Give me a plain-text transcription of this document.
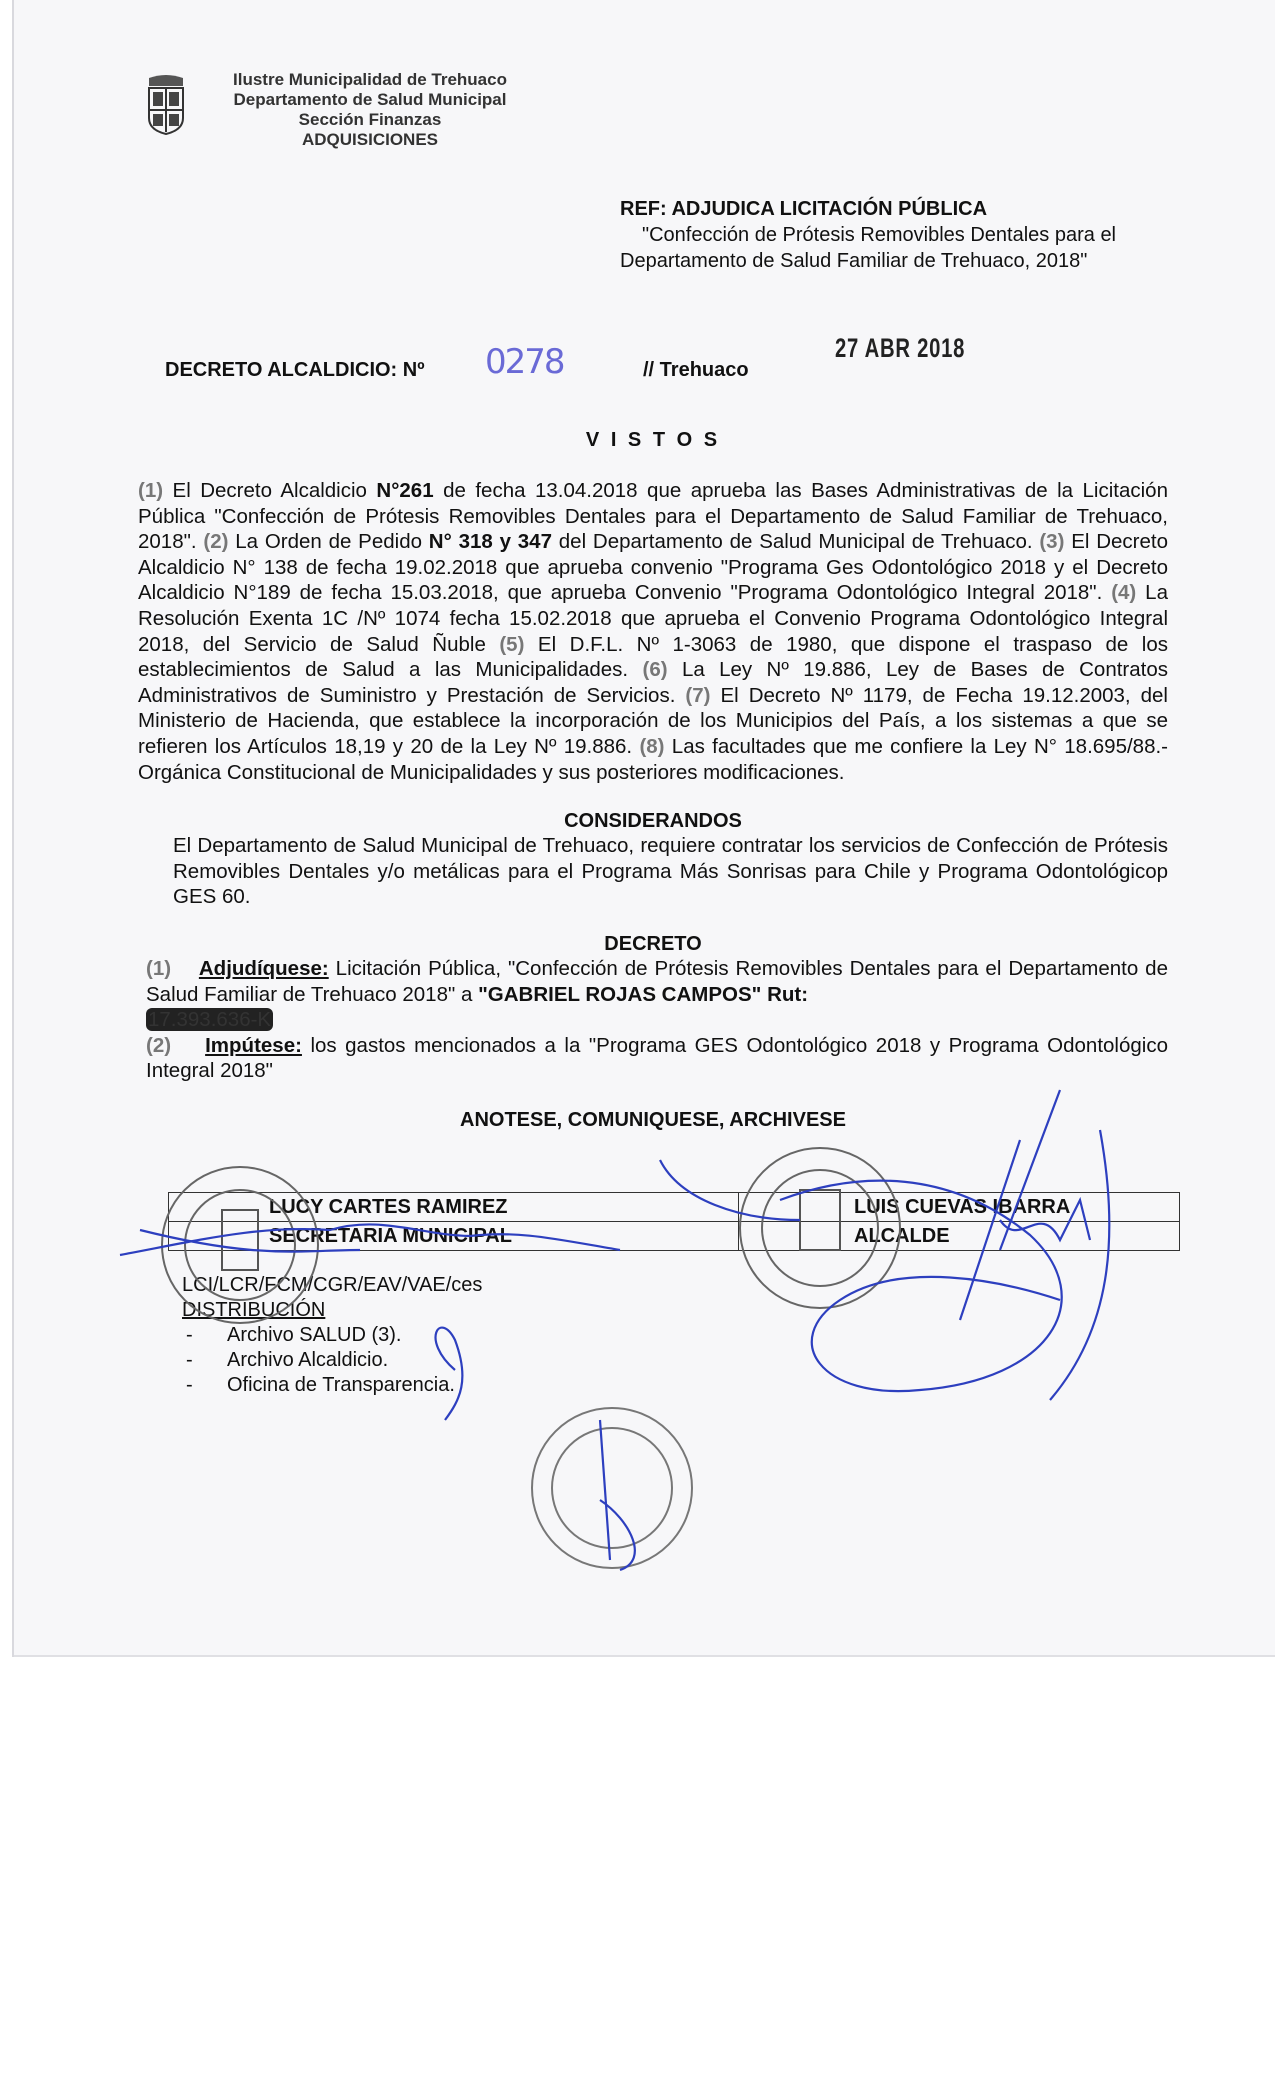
Ilustre Municipalidad de Trehuaco
Departamento de Salud Municipal
Sección Finanzas
ADQUISICIONES
REF: ADJUDICA LICITACIÓN PÚBLICA
"Confección de Prótesis Removibles Dentales para el Departamento de Salud Familiar de Trehuaco, 2018"
DECRETO ALCALDICIO: Nº 0278	// Trehuaco
27 ABR 2018
V I S T O S
(1) El Decreto Alcaldicio N°261 de fecha 13.04.2018 que aprueba las Bases Administrativas de la Licitación Pública "Confección de Prótesis Removibles Dentales para el Departamento de Salud Familiar de Trehuaco, 2018". (2) La Orden de Pedido N° 318 y 347 del Departamento de Salud Municipal de Trehuaco. (3) El Decreto Alcaldicio N° 138 de fecha 19.02.2018 que aprueba convenio "Programa Ges Odontológico 2018 y el Decreto Alcaldicio N°189 de fecha 15.03.2018, que aprueba Convenio "Programa Odontológico Integral 2018". (4) La Resolución Exenta 1C /Nº 1074 fecha 15.02.2018 que aprueba el Convenio Programa Odontológico Integral 2018, del Servicio de Salud Ñuble (5) El D.F.L. Nº 1-3063 de 1980, que dispone el traspaso de los establecimientos de Salud a las Municipalidades. (6) La Ley Nº 19.886, Ley de Bases de Contratos Administrativos de Suministro y Prestación de Servicios. (7) El Decreto Nº 1179, de Fecha 19.12.2003, del Ministerio de Hacienda, que establece la incorporación de los Municipios del País, a los sistemas a que se refieren los Artículos 18,19 y 20 de la Ley Nº 19.886. (8) Las facultades que me confiere la Ley N° 18.695/88.- Orgánica Constitucional de Municipalidades y sus posteriores modificaciones.
CONSIDERANDOS
El Departamento de Salud Municipal de Trehuaco, requiere contratar los servicios de Confección de Prótesis Removibles Dentales y/o metálicas para el Programa Más Sonrisas para Chile y Programa Odontológicop GES 60.
DECRETO
(1) Adjudíquese: Licitación Pública, "Confección de Prótesis Removibles Dentales para el Departamento de Salud Familiar de Trehuaco 2018" a "GABRIEL ROJAS CAMPOS" Rut:
17.393.636-K
(2) Impútese: los gastos mencionados a la "Programa GES Odontológico 2018 y Programa Odontológico Integral 2018"
ANOTESE, COMUNIQUESE, ARCHIVESE
LUCY CARTES RAMIREZ	LUIS CUEVAS IBARRA
SECRETARIA MUNICIPAL	ALCALDE
LCI/LCR/FCM/CGR/EAV/VAE/ces
DISTRIBUCIÓN
- Archivo SALUD (3).
- Archivo Alcaldicio.
- Oficina de Transparencia.
